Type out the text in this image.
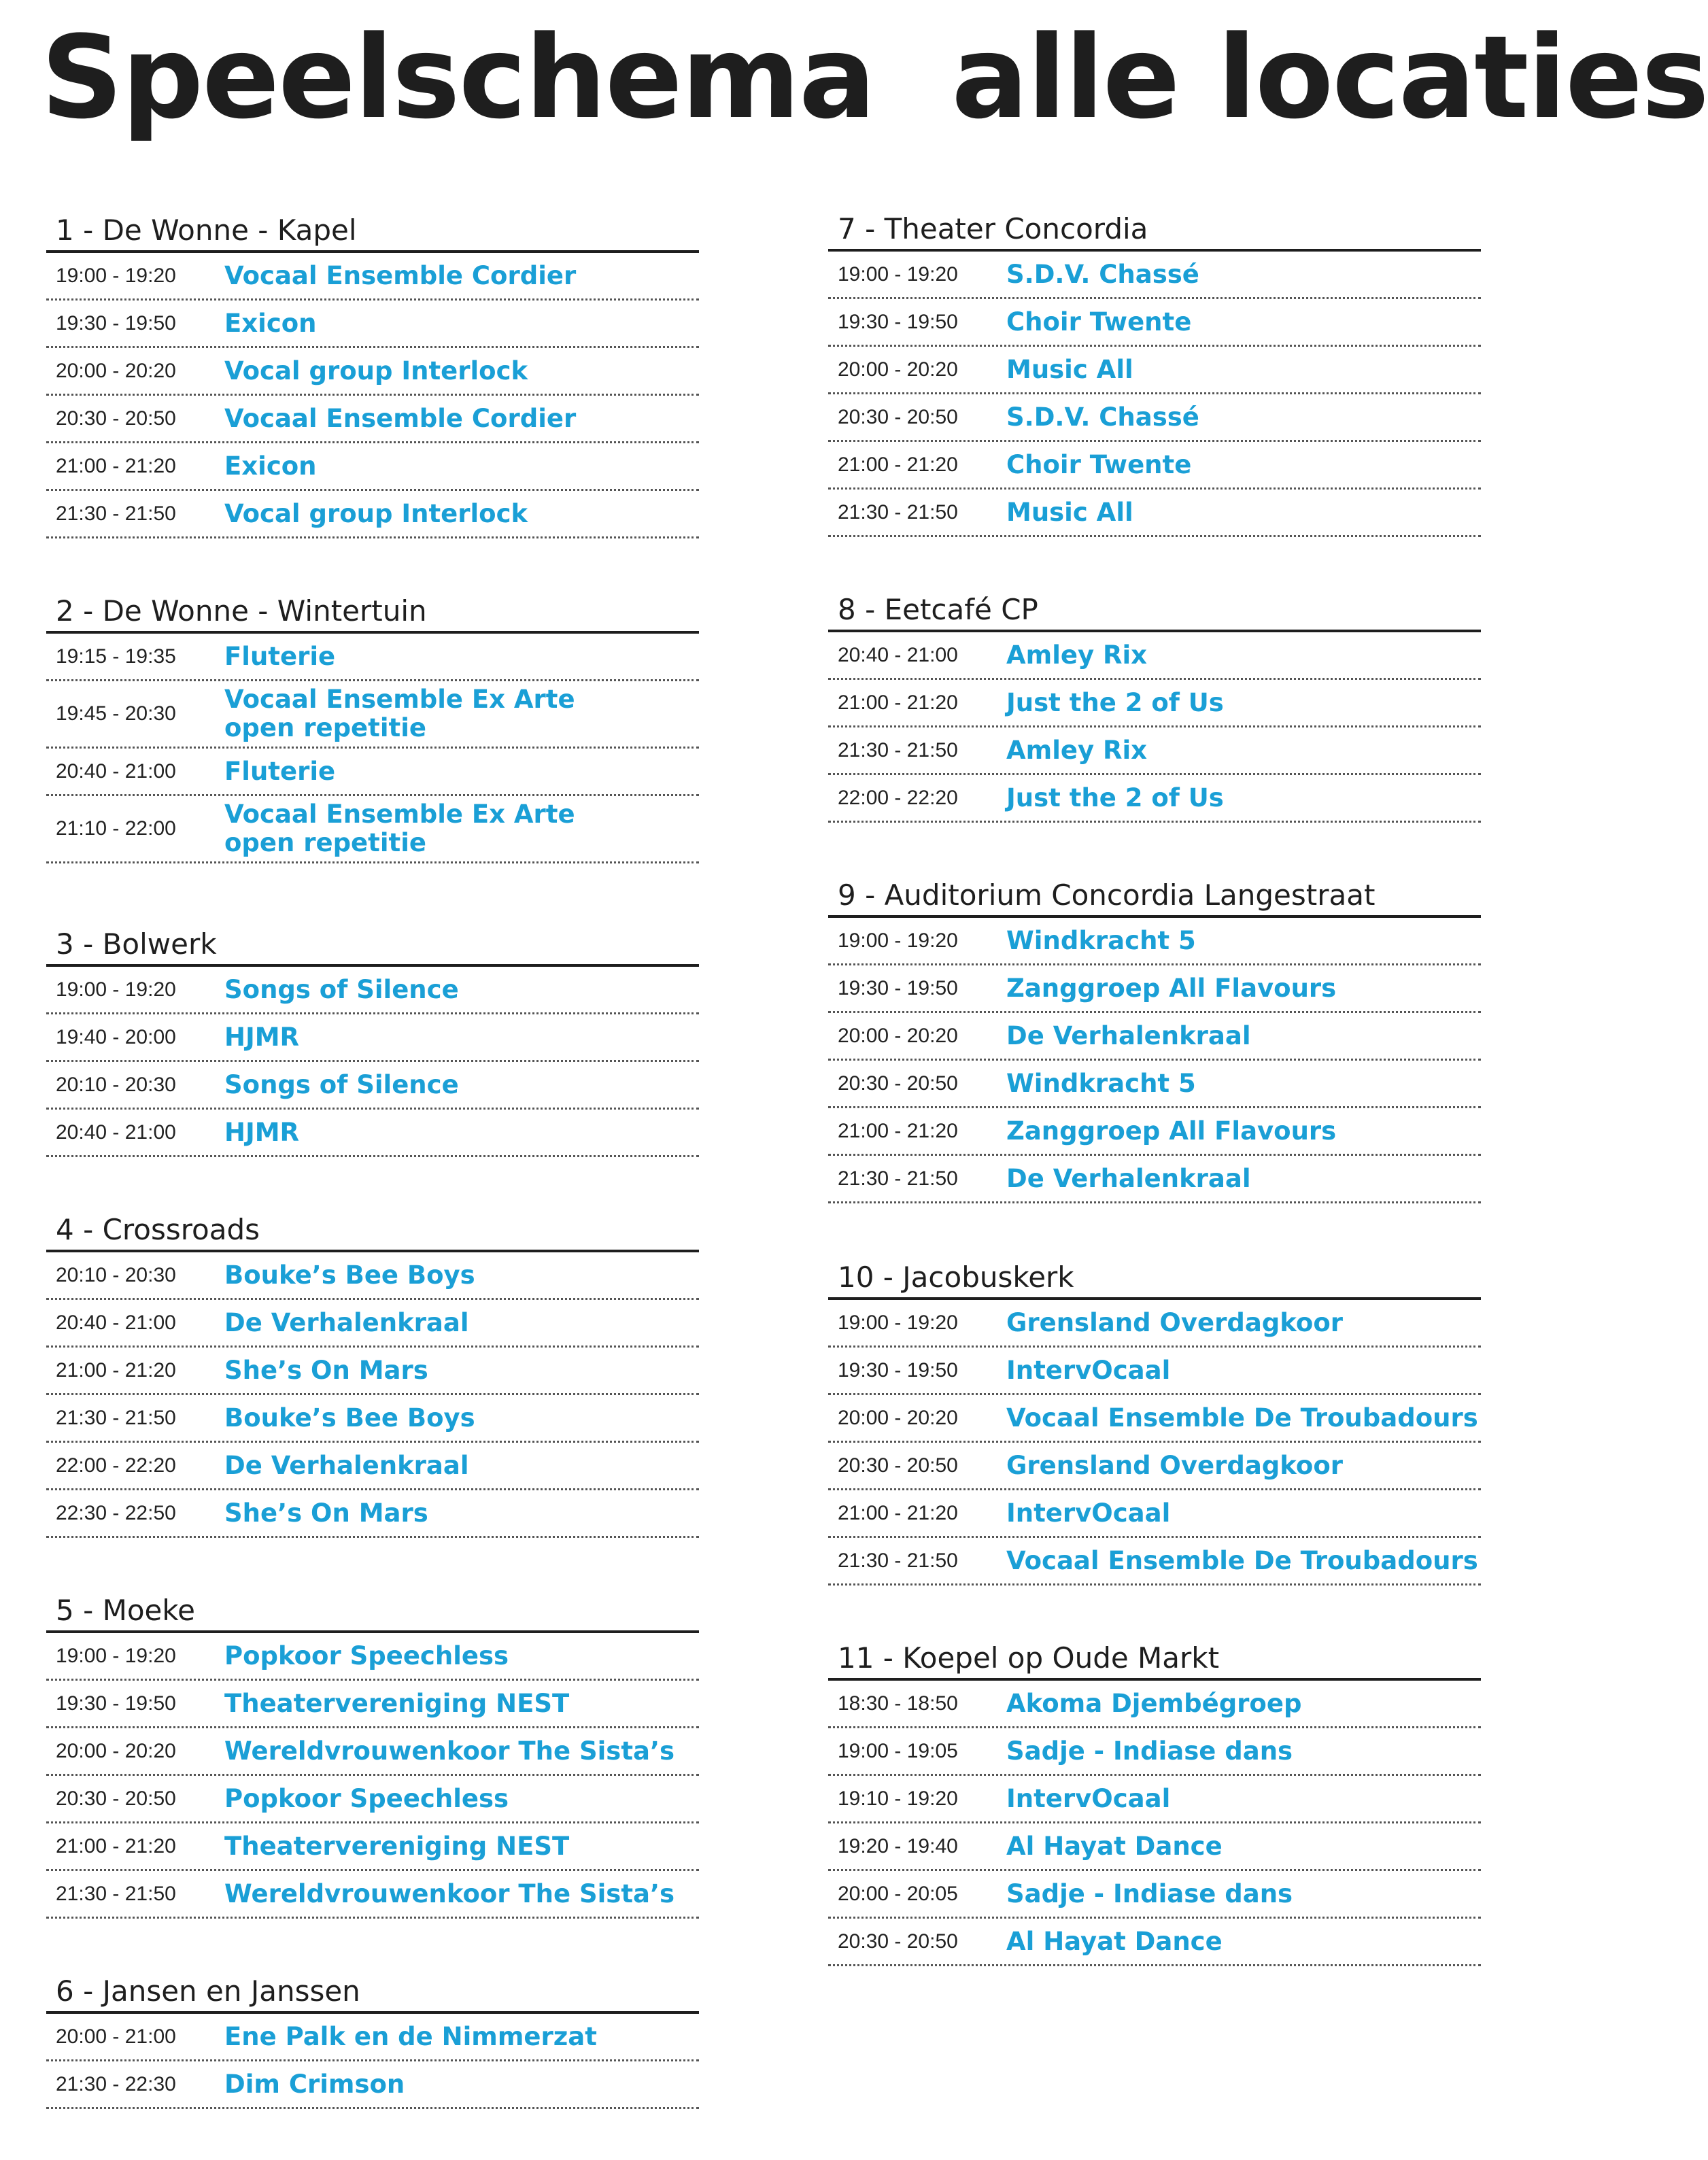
Speelschema  alle locaties
1 - De Wonne - Kapel
19:00 - 19:20	Vocaal Ensemble Cordier
19:30 - 19:50	Exicon
20:00 - 20:20	Vocal group Interlock
20:30 - 20:50	Vocaal Ensemble Cordier
21:00 - 21:20	Exicon
21:30 - 21:50	Vocal group Interlock
2 - De Wonne - Wintertuin
19:15 - 19:35	Fluterie
19:45 - 20:30	Vocaal Ensemble Ex Arte
open repetitie
20:40 - 21:00	Fluterie
21:10 - 22:00	Vocaal Ensemble Ex Arte
open repetitie
3 - Bolwerk
19:00 - 19:20	Songs of Silence
19:40 - 20:00	HJMR
20:10 - 20:30	Songs of Silence
20:40 - 21:00	HJMR
4 - Crossroads
20:10 - 20:30	Bouke’s Bee Boys
20:40 - 21:00	De Verhalenkraal
21:00 - 21:20	She’s On Mars
21:30 - 21:50	Bouke’s Bee Boys
22:00 - 22:20	De Verhalenkraal
22:30 - 22:50	She’s On Mars
5 - Moeke
19:00 - 19:20	Popkoor Speechless
19:30 - 19:50	Theatervereniging NEST
20:00 - 20:20	Wereldvrouwenkoor The Sista’s
20:30 - 20:50	Popkoor Speechless
21:00 - 21:20	Theatervereniging NEST
21:30 - 21:50	Wereldvrouwenkoor The Sista’s
6 - Jansen en Janssen
20:00 - 21:00	Ene Palk en de Nimmerzat
21:30 - 22:30	Dim Crimson
7 - Theater Concordia
19:00 - 19:20	S.D.V. Chassé
19:30 - 19:50	Choir Twente
20:00 - 20:20	Music All
20:30 - 20:50	S.D.V. Chassé
21:00 - 21:20	Choir Twente
21:30 - 21:50	Music All
8 - Eetcafé CP
20:40 - 21:00	Amley Rix
21:00 - 21:20	Just the 2 of Us
21:30 - 21:50	Amley Rix
22:00 - 22:20	Just the 2 of Us
9 - Auditorium Concordia Langestraat
19:00 - 19:20	Windkracht 5
19:30 - 19:50	Zanggroep All Flavours
20:00 - 20:20	De Verhalenkraal
20:30 - 20:50	Windkracht 5
21:00 - 21:20	Zanggroep All Flavours
21:30 - 21:50	De Verhalenkraal
10 - Jacobuskerk
19:00 - 19:20	Grensland Overdagkoor
19:30 - 19:50	IntervOcaal
20:00 - 20:20	Vocaal Ensemble De Troubadours
20:30 - 20:50	Grensland Overdagkoor
21:00 - 21:20	IntervOcaal
21:30 - 21:50	Vocaal Ensemble De Troubadours
11 - Koepel op Oude Markt
18:30 - 18:50	Akoma Djembégroep
19:00 - 19:05	Sadje - Indiase dans
19:10 - 19:20	IntervOcaal
19:20 - 19:40	Al Hayat Dance
20:00 - 20:05	Sadje - Indiase dans
20:30 - 20:50	Al Hayat Dance
